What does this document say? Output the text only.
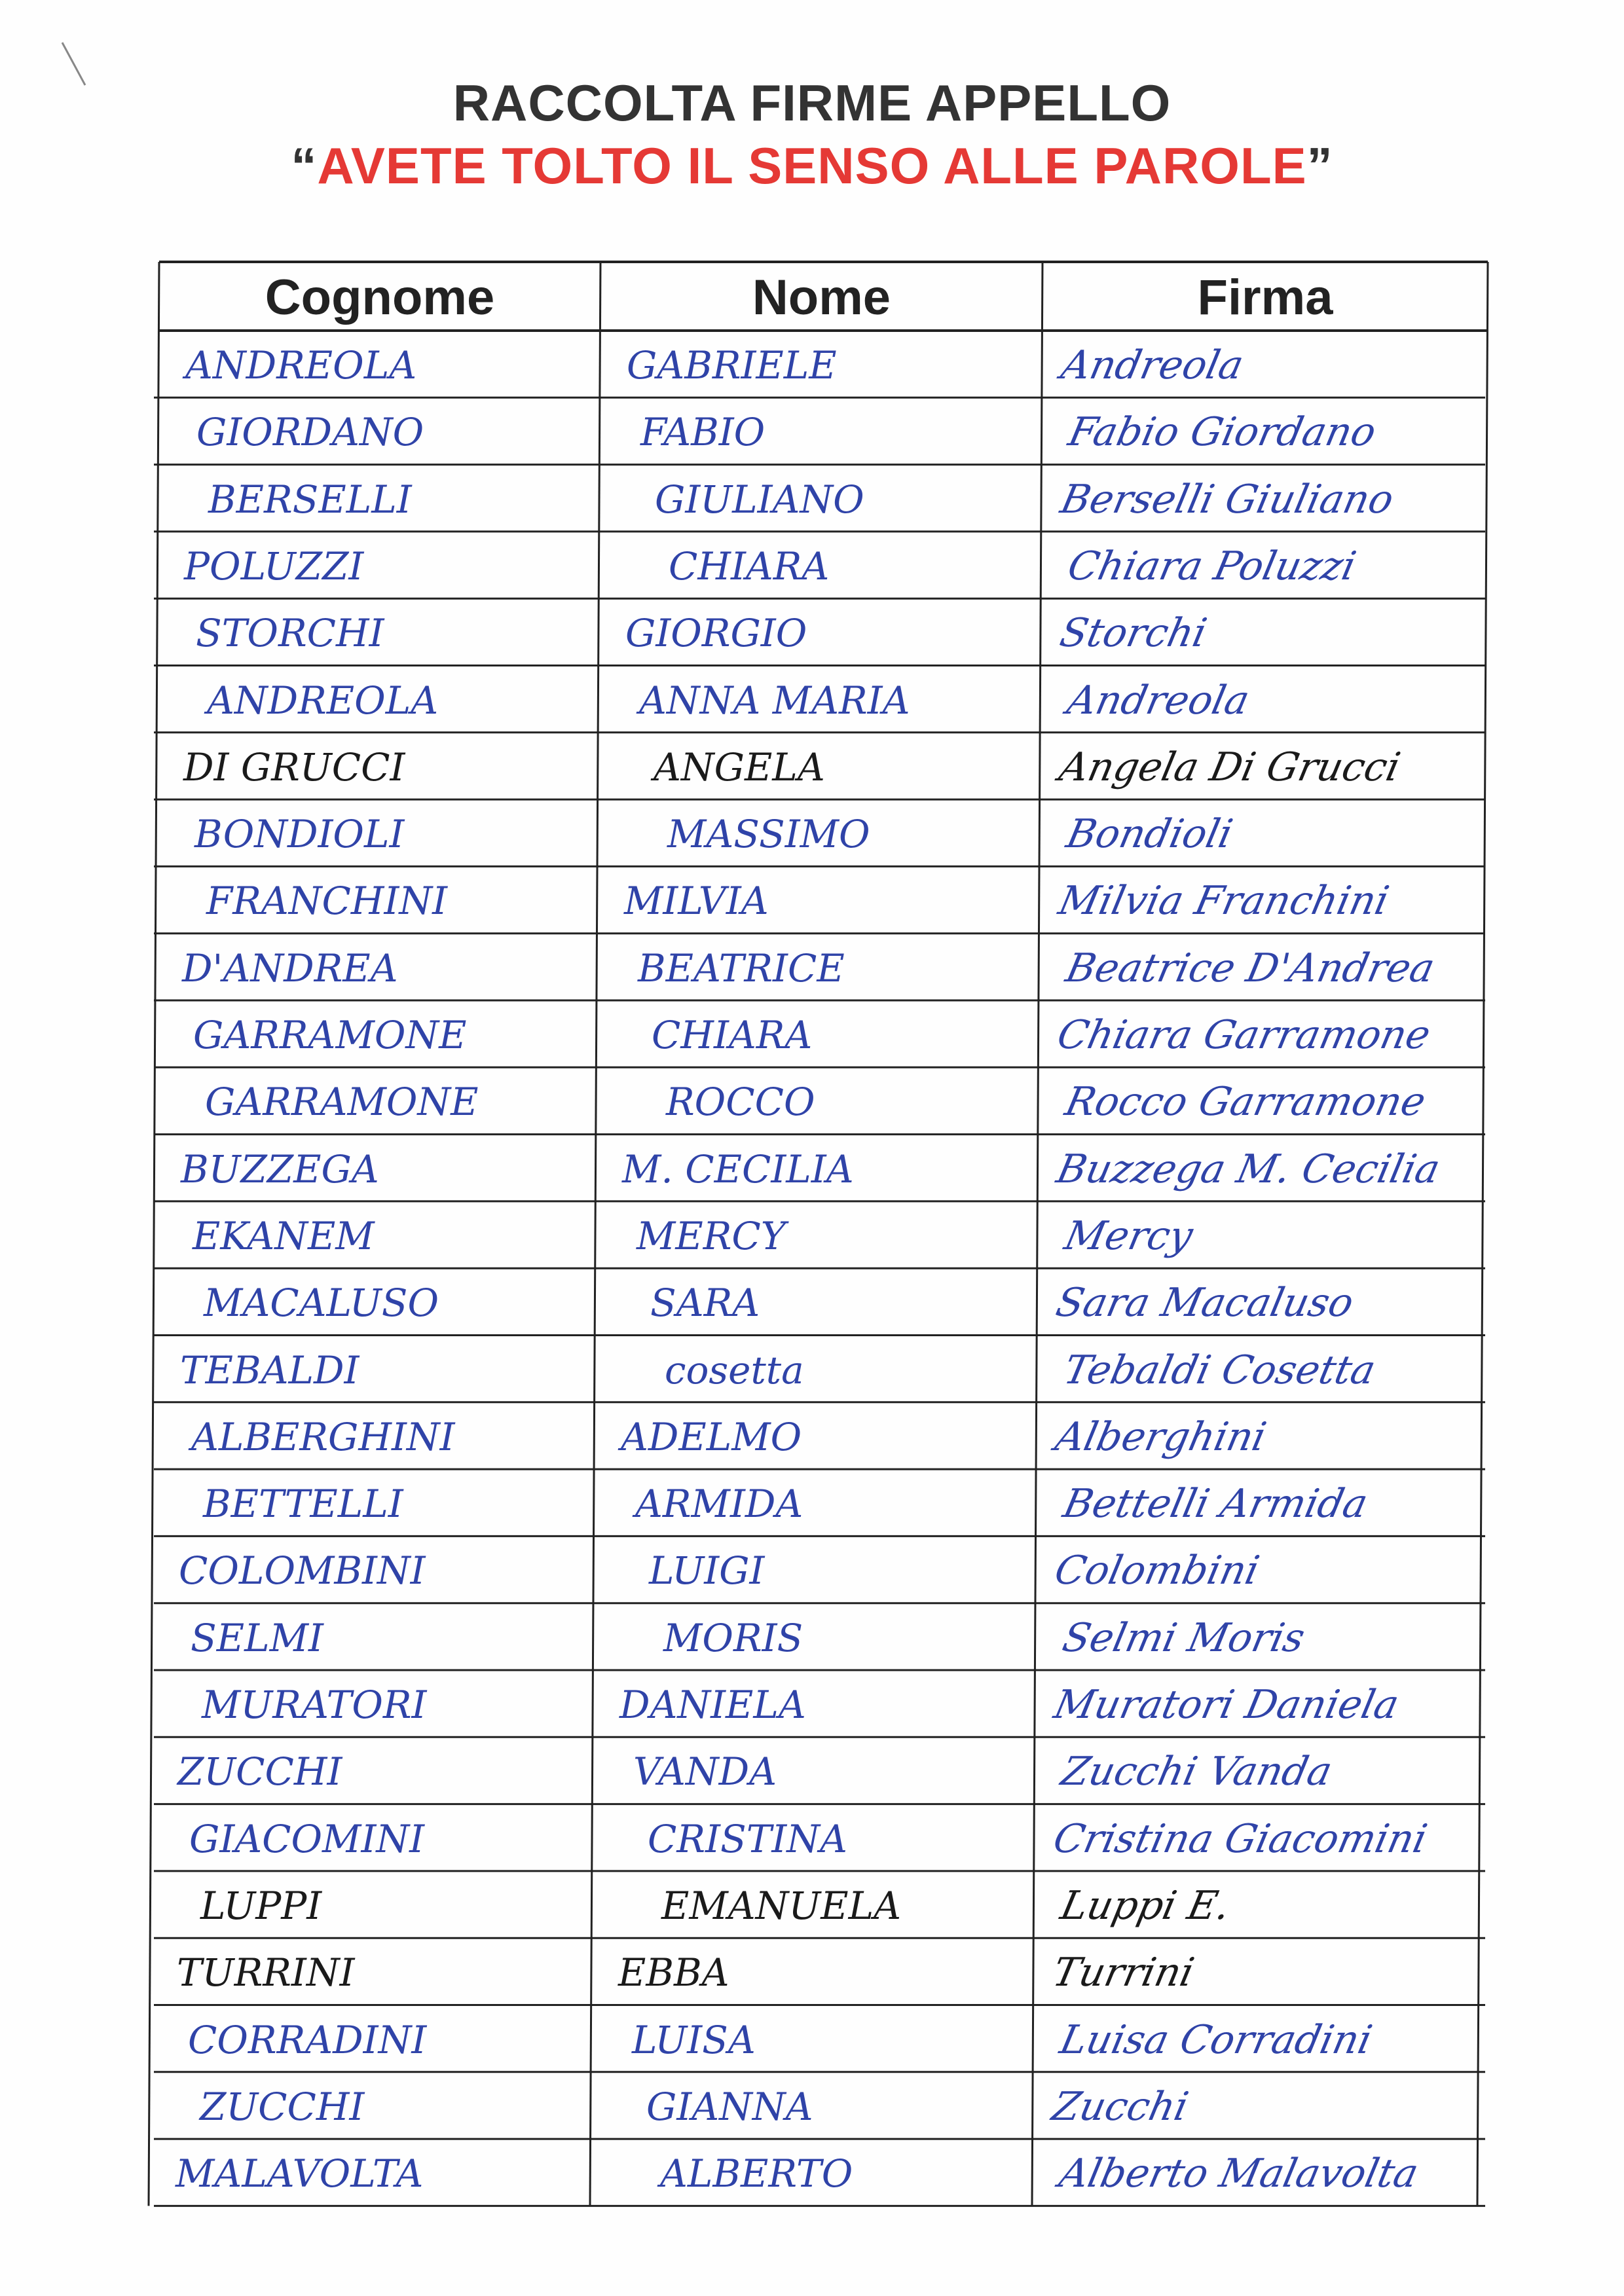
RACCOLTA FIRME APPELLO
“AVETE TOLTO IL SENSO ALLE PAROLE”
Cognome	Nome	Firma
ANDREOLA	GABRIELE	Andreola
GIORDANO	FABIO	Fabio Giordano
BERSELLI	GIULIANO	Berselli Giuliano
POLUZZI	CHIARA	Chiara Poluzzi
STORCHI	GIORGIO	Storchi
ANDREOLA	ANNA MARIA	Andreola
DI GRUCCI	ANGELA	Angela Di Grucci
BONDIOLI	MASSIMO	Bondioli
FRANCHINI	MILVIA	Milvia Franchini
D'ANDREA	BEATRICE	Beatrice D'Andrea
GARRAMONE	CHIARA	Chiara Garramone
GARRAMONE	ROCCO	Rocco Garramone
BUZZEGA	M. CECILIA	Buzzega M. Cecilia
EKANEM	MERCY	Mercy
MACALUSO	SARA	Sara Macaluso
TEBALDI	cosetta	Tebaldi Cosetta
ALBERGHINI	ADELMO	Alberghini
BETTELLI	ARMIDA	Bettelli Armida
COLOMBINI	LUIGI	Colombini
SELMI	MORIS	Selmi Moris
MURATORI	DANIELA	Muratori Daniela
ZUCCHI	VANDA	Zucchi Vanda
GIACOMINI	CRISTINA	Cristina Giacomini
LUPPI	EMANUELA	Luppi E.
TURRINI	EBBA	Turrini
CORRADINI	LUISA	Luisa Corradini
ZUCCHI	GIANNA	Zucchi
MALAVOLTA	ALBERTO	Alberto Malavolta
